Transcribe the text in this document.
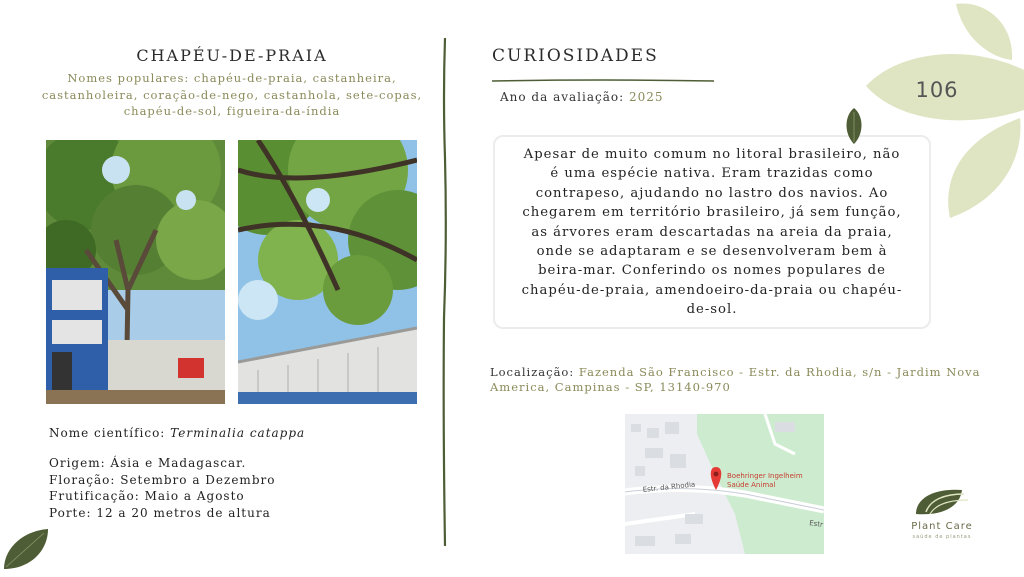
CHAPÉU-DE-PRAIA
Nomes populares: chapéu-de-praia, castanheira,
castanholeira, coração-de-nego, castanhola, sete-copas,
chapéu-de-sol, figueira-da-índia
Nome científico: Terminalia catappa
Origem: Ásia e Madagascar.
Floração: Setembro a Dezembro
Frutificação: Maio a Agosto
Porte: 12 a 20 metros de altura
CURIOSIDADES
Ano da avaliação: 2025
Apesar de muito comum no litoral brasileiro, não
é uma espécie nativa. Eram trazidas como
contrapeso, ajudando no lastro dos navios. Ao
chegarem em território brasileiro, já sem função,
as árvores eram descartadas na areia da praia,
onde se adaptaram e se desenvolveram bem à
beira-mar. Conferindo os nomes populares de
chapéu-de-praia, amendoeiro-da-praia ou chapéu-
de-sol.
Localização: Fazenda São Francisco - Estr. da Rhodia, s/n - Jardim Nova
America, Campinas - SP, 13140-970
Boehringer Ingelheim
Saúde Animal
Estr. da Rhodia
Estr
106
Plant Care
saúde de plantas
